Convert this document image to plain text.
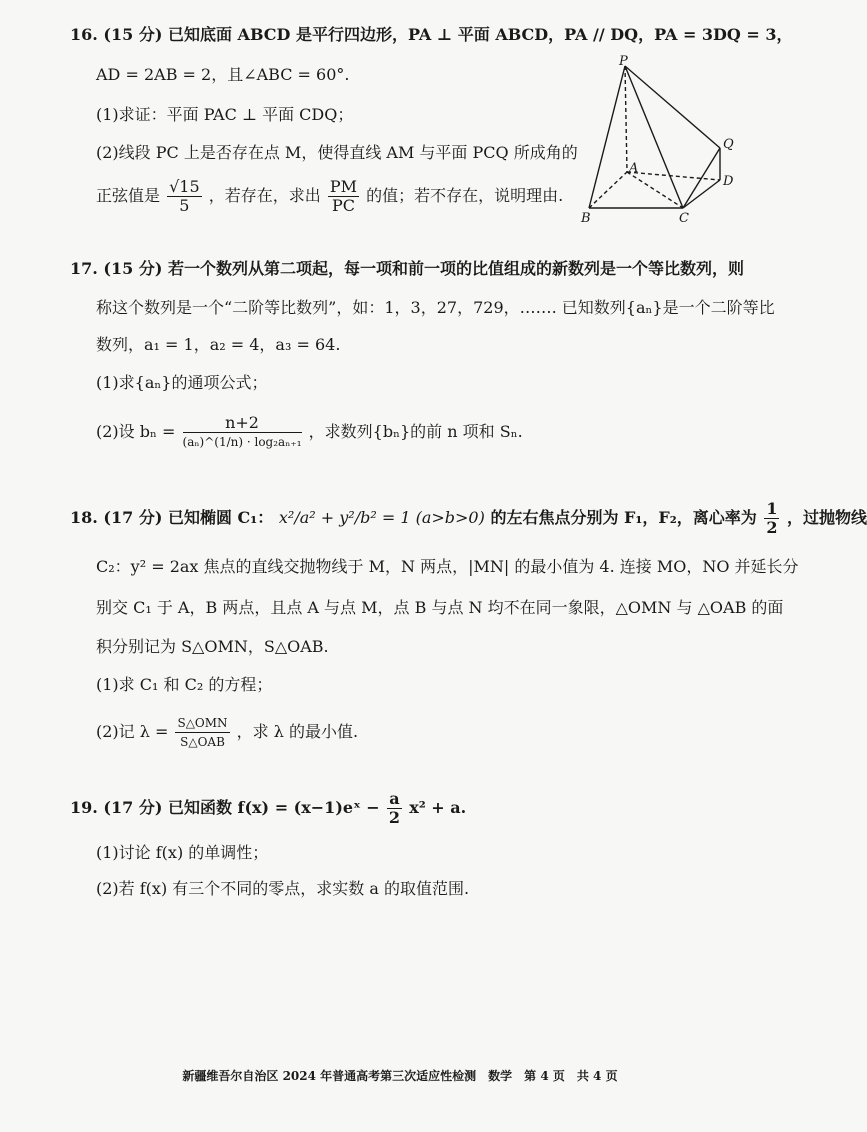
16. (15 分) 已知底面 ABCD 是平行四边形，PA ⊥ 平面 ABCD，PA // DQ，PA = 3DQ = 3，
AD = 2AB = 2，且∠ABC = 60°.
(1)求证：平面 PAC ⊥ 平面 CDQ；
(2)线段 PC 上是否存在点 M，使得直线 AM 与平面 PCQ 所成角的
正弦值是 $\frac{√15}{5}$ ，若存在，求出 $\frac{PM}{PC}$ 的值；若不存在，说明理由.
P
Q
A
D
B	C
17. (15 分) 若一个数列从第二项起，每一项和前一项的比值组成的新数列是一个等比数列，则
称这个数列是一个“二阶等比数列”，如：1，3，27，729，……. 已知数列{aₙ}是一个二阶等比
数列，a₁ = 1，a₂ = 4，a₃ = 64.
(1)求{aₙ}的通项公式；
(2)设 $b_n = \frac{n+2}{\text{(aₙ)\textasciicircum{}(1/n) · log₂aₙ₊₁}}$ ，求数列{bₙ}的前 n 项和 Sₙ.
18. (17 分) 已知椭圆 C₁： x²/a² + y²/b² = 1 (a>b>0) 的左右焦点分别为 F₁，F₂，离心率为 $\frac{1}{2}$ ，过抛物线
C₂：y² = 2ax 焦点的直线交抛物线于 M，N 两点，|MN| 的最小值为 4. 连接 MO，NO 并延长分
别交 C₁ 于 A，B 两点，且点 A 与点 M，点 B 与点 N 均不在同一象限，△OMN 与 △OAB 的面
积分别记为 S△OMN，S△OAB.
(1)求 C₁ 和 C₂ 的方程；
(2)记 $\lambda = \frac{\text{S△OMN}}{\text{S△OAB}}$ ，求 λ 的最小值.
19. (17 分) 已知函数 f(x) = (x−1)eˣ − $\frac{a}{2} x^2 + a$.
(1)讨论 f(x) 的单调性；
(2)若 f(x) 有三个不同的零点，求实数 a 的取值范围.
新疆维吾尔自治区 2024 年普通高考第三次适应性检测　数学　第 4 页　共 4 页
